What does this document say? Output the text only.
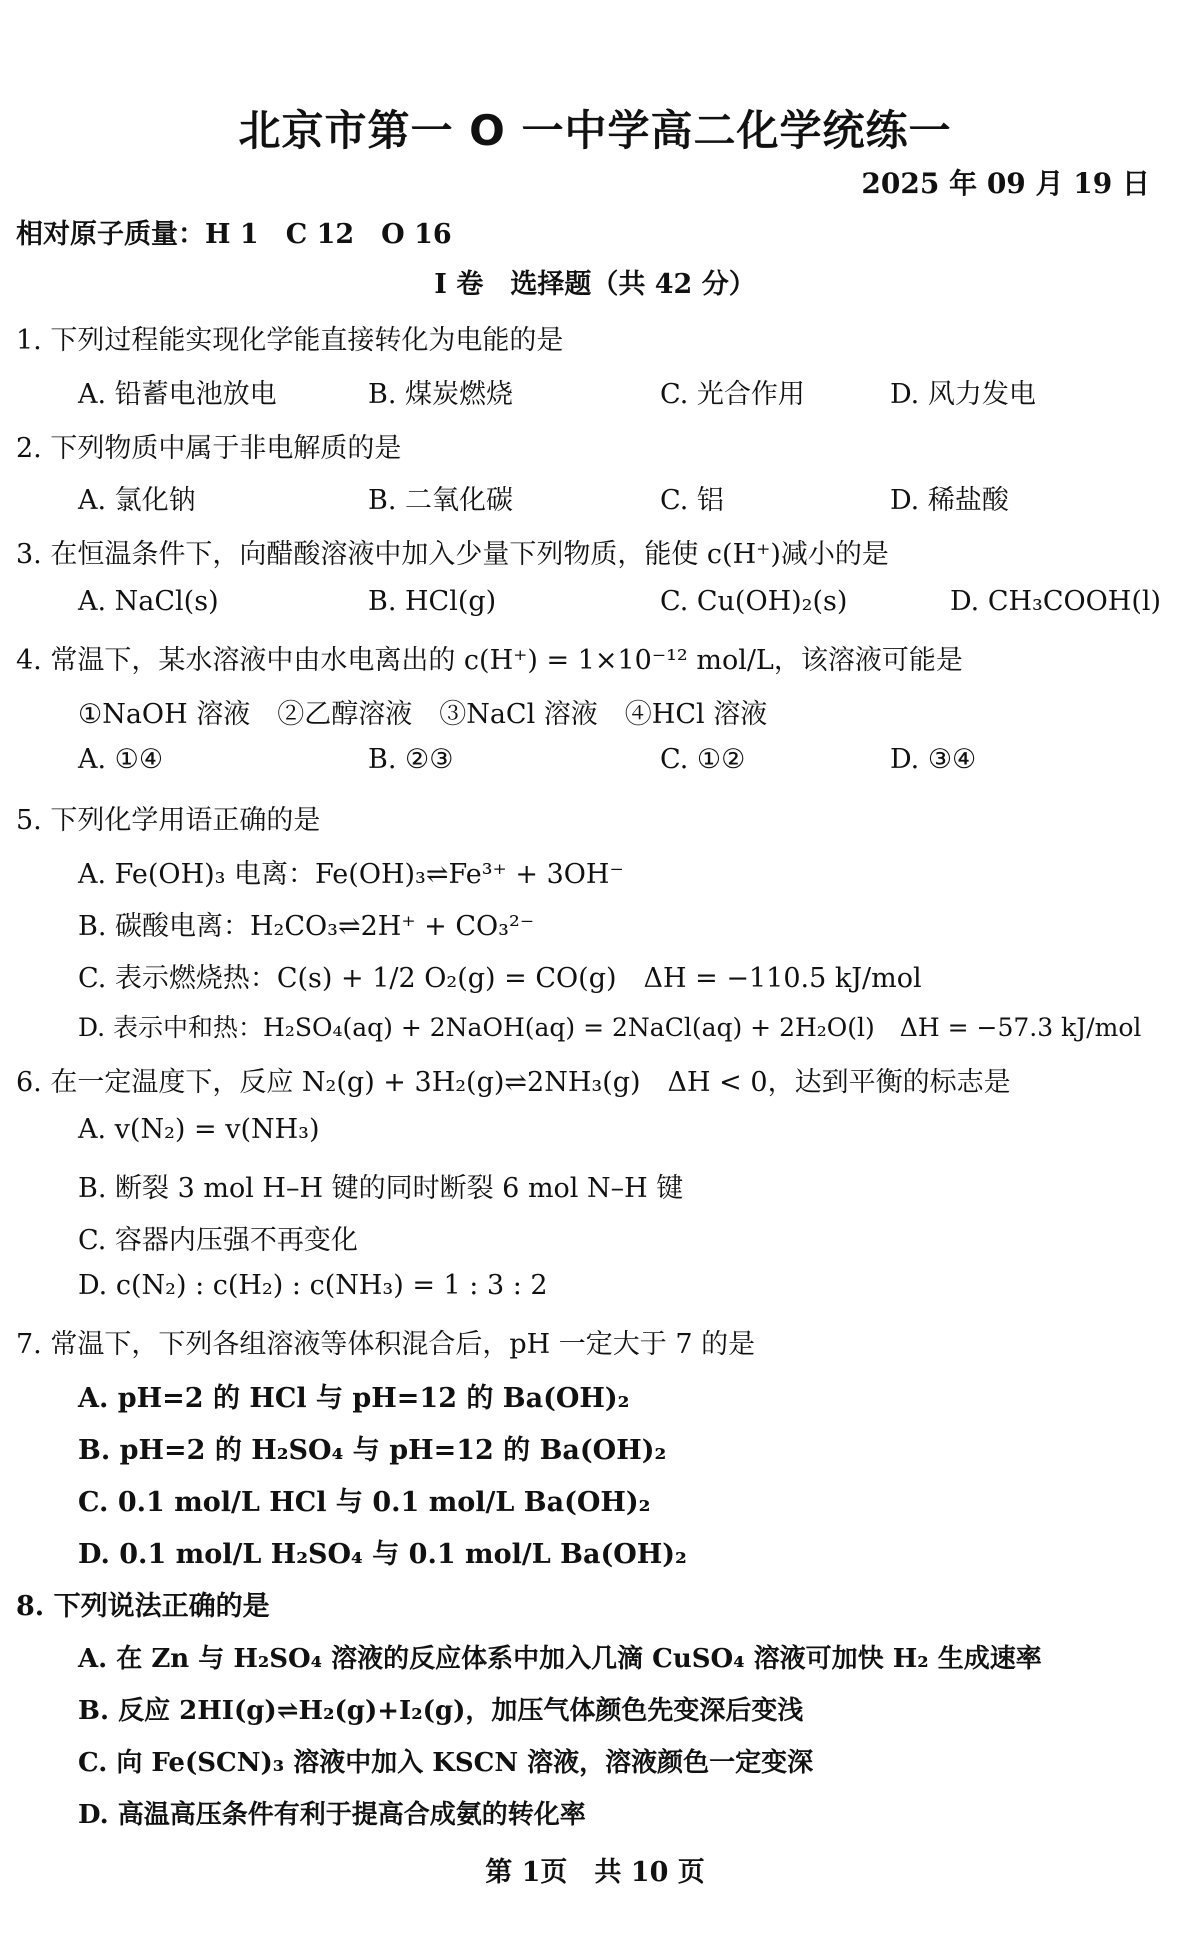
北京市第一 O 一中学高二化学统练一
2025 年 09 月 19 日
相对原子质量：H 1　C 12　O 16
I 卷　选择题（共 42 分）
1. 下列过程能实现化学能直接转化为电能的是
A. 铅蓄电池放电	B. 煤炭燃烧	C. 光合作用	D. 风力发电
2. 下列物质中属于非电解质的是
A. 氯化钠	B. 二氧化碳	C. 铝	D. 稀盐酸
3. 在恒温条件下，向醋酸溶液中加入少量下列物质，能使 c(H⁺)减小的是
A. NaCl(s)	B. HCl(g)	C. Cu(OH)₂(s)	D. CH₃COOH(l)
4. 常温下，某水溶液中由水电离出的 c(H⁺) = 1×10⁻¹² mol/L，该溶液可能是
①NaOH 溶液　②乙醇溶液　③NaCl 溶液　④HCl 溶液
A. ①④	B. ②③	C. ①②	D. ③④
5. 下列化学用语正确的是
A. Fe(OH)₃ 电离：Fe(OH)₃⇌Fe³⁺ + 3OH⁻
B. 碳酸电离：H₂CO₃⇌2H⁺ + CO₃²⁻
C. 表示燃烧热：C(s) + 1/2 O₂(g) = CO(g)　ΔH = −110.5 kJ/mol
D. 表示中和热：H₂SO₄(aq) + 2NaOH(aq) = 2NaCl(aq) + 2H₂O(l)　ΔH = −57.3 kJ/mol
6. 在一定温度下，反应 N₂(g) + 3H₂(g)⇌2NH₃(g)　ΔH < 0，达到平衡的标志是
A. v(N₂) = v(NH₃)
B. 断裂 3 mol H–H 键的同时断裂 6 mol N–H 键
C. 容器内压强不再变化
D. c(N₂) : c(H₂) : c(NH₃) = 1 : 3 : 2
7. 常温下，下列各组溶液等体积混合后，pH 一定大于 7 的是
A. pH=2 的 HCl 与 pH=12 的 Ba(OH)₂
B. pH=2 的 H₂SO₄ 与 pH=12 的 Ba(OH)₂
C. 0.1 mol/L HCl 与 0.1 mol/L Ba(OH)₂
D. 0.1 mol/L H₂SO₄ 与 0.1 mol/L Ba(OH)₂
8. 下列说法正确的是
A. 在 Zn 与 H₂SO₄ 溶液的反应体系中加入几滴 CuSO₄ 溶液可加快 H₂ 生成速率
B. 反应 2HI(g)⇌H₂(g)+I₂(g)，加压气体颜色先变深后变浅
C. 向 Fe(SCN)₃ 溶液中加入 KSCN 溶液，溶液颜色一定变深
D. 高温高压条件有利于提高合成氨的转化率
第 1页　共 10 页
